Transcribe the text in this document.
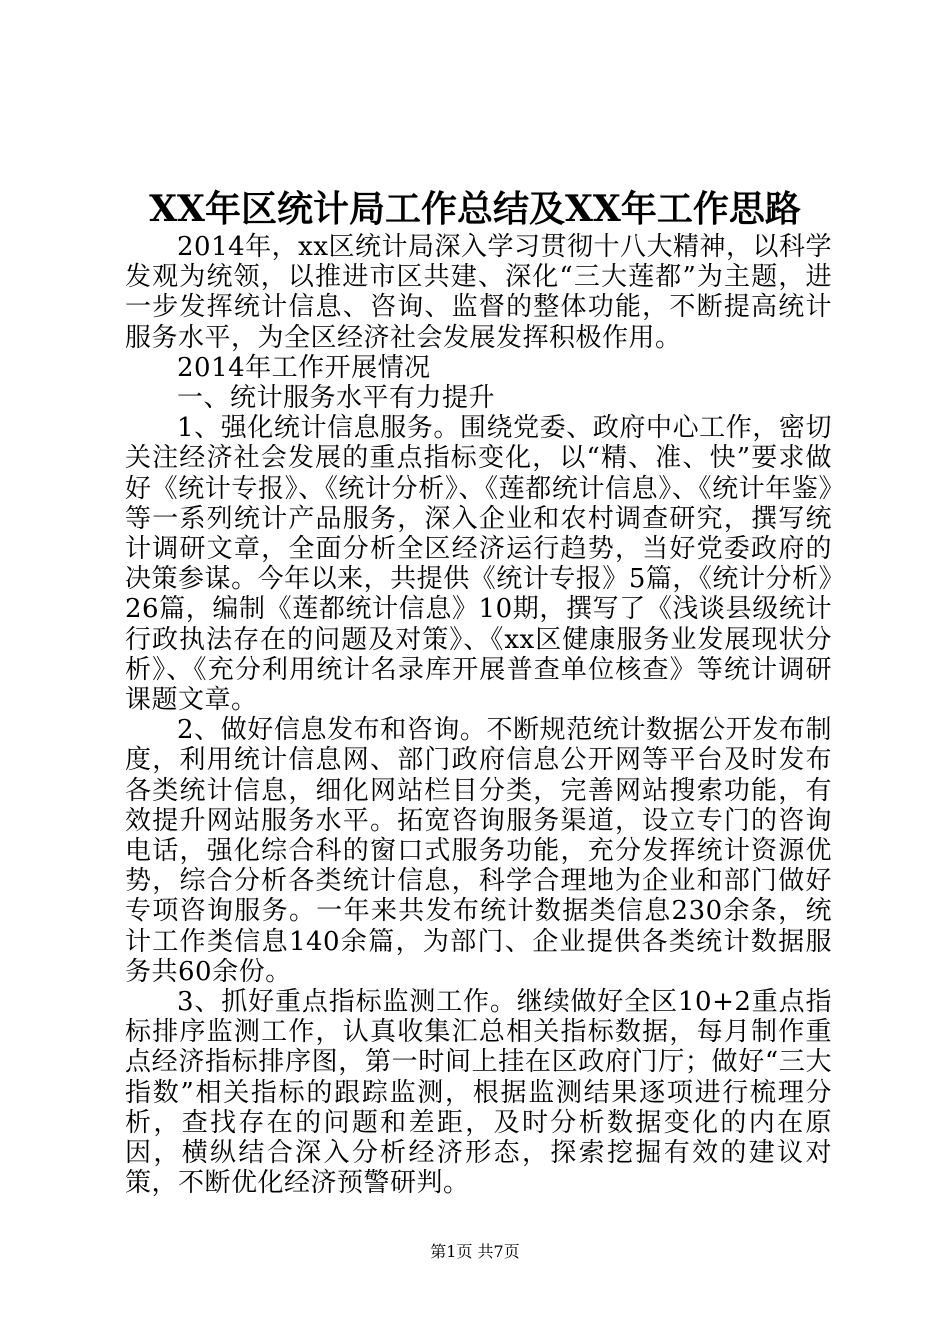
XX年区统计局工作总结及XX年工作思路

2014年，xx区统计局深入学习贯彻十八大精神，以科学发观为统领，以推进市区共建、深化“三大莲都”为主题，进一步发挥统计信息、咨询、监督的整体功能，不断提高统计服务水平，为全区经济社会发展发挥积极作用。

2014年工作开展情况

一、统计服务水平有力提升

1、强化统计信息服务。围绕党委、政府中心工作，密切关注经济社会发展的重点指标变化，以“精、准、快”要求做好《统计专报》、《统计分析》、《莲都统计信息》、《统计年鉴》等一系列统计产品服务，深入企业和农村调查研究，撰写统计调研文章，全面分析全区经济运行趋势，当好党委政府的决策参谋。今年以来，共提供《统计专报》5篇，《统计分析》26篇，编制《莲都统计信息》10期，撰写了《浅谈县级统计行政执法存在的问题及对策》、《xx区健康服务业发展现状分析》、《充分利用统计名录库开展普查单位核查》等统计调研课题文章。

2、做好信息发布和咨询。不断规范统计数据公开发布制度，利用统计信息网、部门政府信息公开网等平台及时发布各类统计信息，细化网站栏目分类，完善网站搜索功能，有效提升网站服务水平。拓宽咨询服务渠道，设立专门的咨询电话，强化综合科的窗口式服务功能，充分发挥统计资源优势，综合分析各类统计信息，科学合理地为企业和部门做好专项咨询服务。一年来共发布统计数据类信息230余条，统计工作类信息140余篇，为部门、企业提供各类统计数据服务共60余份。

3、抓好重点指标监测工作。继续做好全区10+2重点指标排序监测工作，认真收集汇总相关指标数据，每月制作重点经济指标排序图，第一时间上挂在区政府门厅；做好“三大指数”相关指标的跟踪监测，根据监测结果逐项进行梳理分析，查找存在的问题和差距，及时分析数据变化的内在原因，横纵结合深入分析经济形态，探索挖掘有效的建议对策，不断优化经济预警研判。

第1页 共7页
